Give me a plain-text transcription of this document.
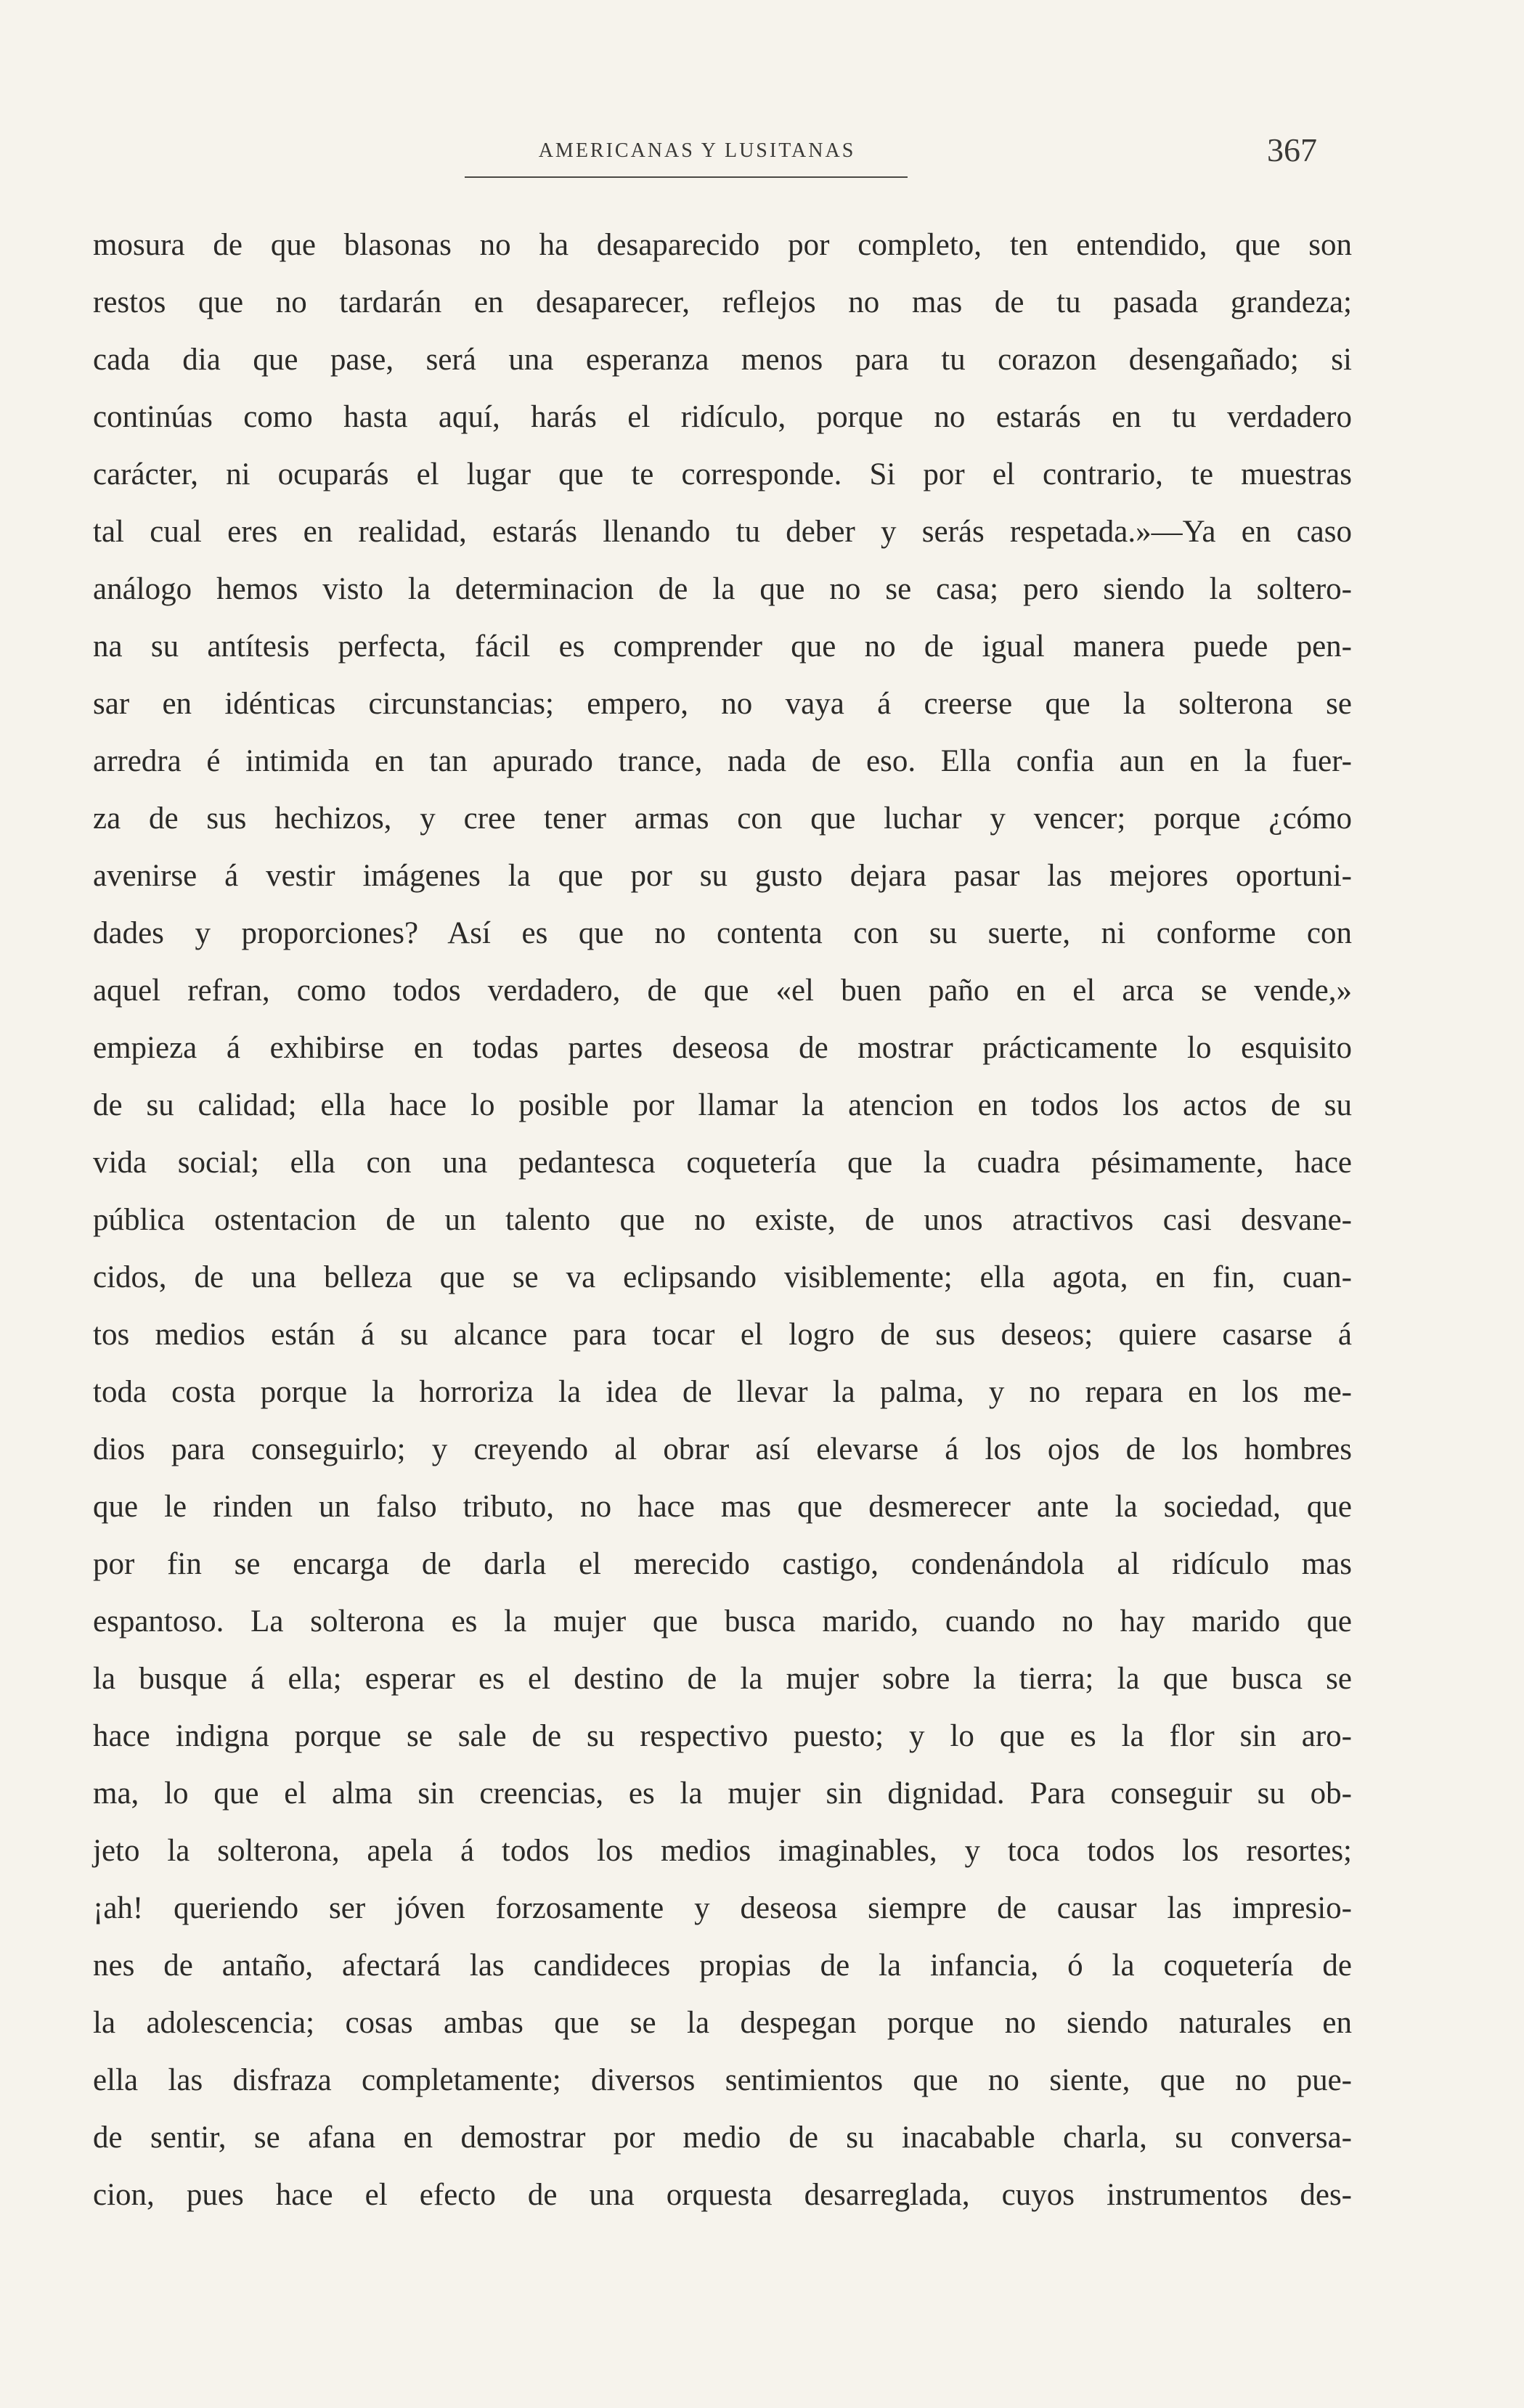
AMERICANAS Y LUSITANAS	367
mosura de que blasonas no ha desaparecido por completo, ten entendido, que son
restos que no tardarán en desaparecer, reflejos no mas de tu pasada grandeza;
cada dia que pase, será una esperanza menos para tu corazon desengañado; si
continúas como hasta aquí, harás el ridículo, porque no estarás en tu verdadero
carácter, ni ocuparás el lugar que te corresponde. Si por el contrario, te muestras
tal cual eres en realidad, estarás llenando tu deber y serás respetada.»—Ya en caso
análogo hemos visto la determinacion de la que no se casa; pero siendo la soltero-
na su antítesis perfecta, fácil es comprender que no de igual manera puede pen-
sar en idénticas circunstancias; empero, no vaya á creerse que la solterona se
arredra é intimida en tan apurado trance, nada de eso. Ella confia aun en la fuer-
za de sus hechizos, y cree tener armas con que luchar y vencer; porque ¿cómo
avenirse á vestir imágenes la que por su gusto dejara pasar las mejores oportuni-
dades y proporciones? Así es que no contenta con su suerte, ni conforme con
aquel refran, como todos verdadero, de que «el buen paño en el arca se vende,»
empieza á exhibirse en todas partes deseosa de mostrar prácticamente lo esquisito
de su calidad; ella hace lo posible por llamar la atencion en todos los actos de su
vida social; ella con una pedantesca coquetería que la cuadra pésimamente, hace
pública ostentacion de un talento que no existe, de unos atractivos casi desvane-
cidos, de una belleza que se va eclipsando visiblemente; ella agota, en fin, cuan-
tos medios están á su alcance para tocar el logro de sus deseos; quiere casarse á
toda costa porque la horroriza la idea de llevar la palma, y no repara en los me-
dios para conseguirlo; y creyendo al obrar así elevarse á los ojos de los hombres
que le rinden un falso tributo, no hace mas que desmerecer ante la sociedad, que
por fin se encarga de darla el merecido castigo, condenándola al ridículo mas
espantoso. La solterona es la mujer que busca marido, cuando no hay marido que
la busque á ella; esperar es el destino de la mujer sobre la tierra; la que busca se
hace indigna porque se sale de su respectivo puesto; y lo que es la flor sin aro-
ma, lo que el alma sin creencias, es la mujer sin dignidad. Para conseguir su ob-
jeto la solterona, apela á todos los medios imaginables, y toca todos los resortes;
¡ah! queriendo ser jóven forzosamente y deseosa siempre de causar las impresio-
nes de antaño, afectará las candideces propias de la infancia, ó la coquetería de
la adolescencia; cosas ambas que se la despegan porque no siendo naturales en
ella las disfraza completamente; diversos sentimientos que no siente, que no pue-
de sentir, se afana en demostrar por medio de su inacabable charla, su conversa-
cion, pues hace el efecto de una orquesta desarreglada, cuyos instrumentos des-
